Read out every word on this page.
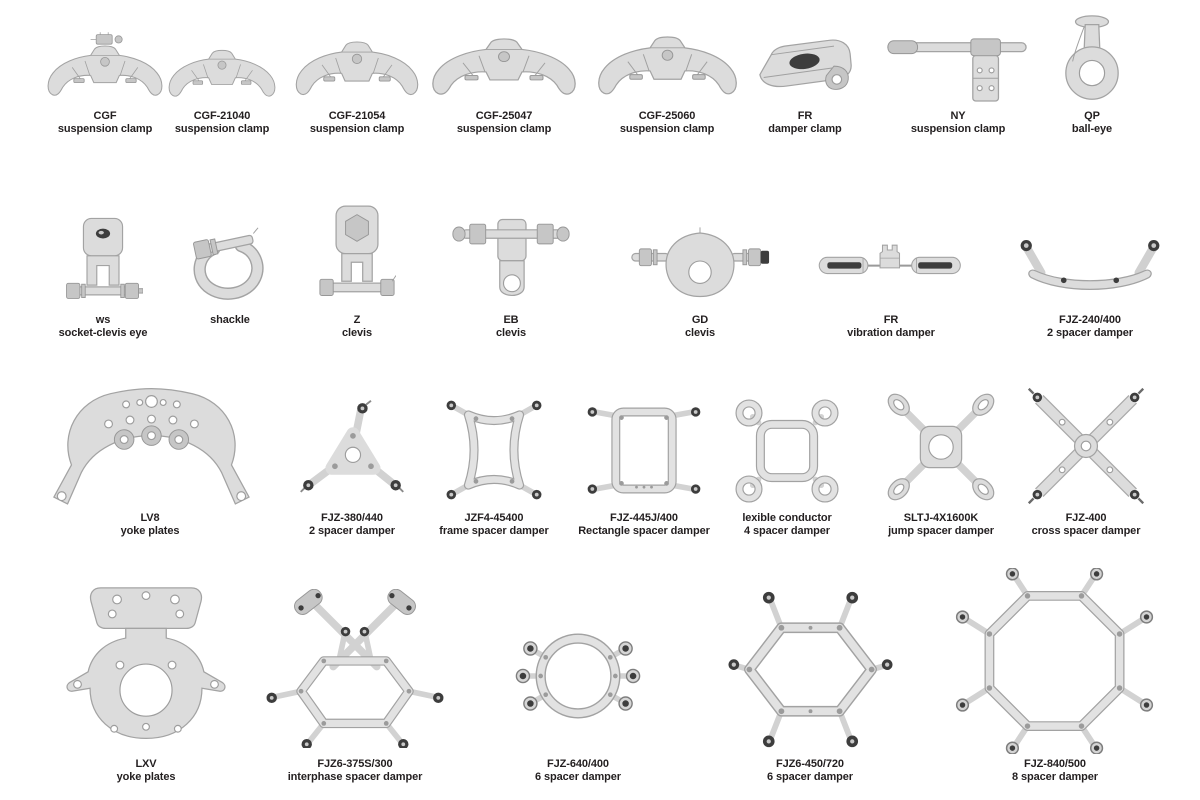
CGF
suspension clamp
CGF-21040
suspension clamp
CGF-21054
suspension clamp
CGF-25047
suspension clamp
CGF-25060
suspension clamp
FR
damper clamp
NY
suspension clamp
QP
ball-eye
ws
socket-clevis eye
shackle	Z
clevis
EB
clevis
GD
clevis
FR
vibration damper
FJZ-240/400
2 spacer damper
LV8
yoke plates
FJZ-380/440
2 spacer damper
JZF4-45400
frame spacer damper
FJZ-445J/400
Rectangle spacer damper
lexible conductor
4 spacer damper
SLTJ-4X1600K
jump spacer damper
FJZ-400
cross spacer damper
LXV
yoke plates
FJZ6-375S/300
interphase spacer damper
FJZ-640/400
6 spacer damper
FJZ6-450/720
6 spacer damper
FJZ-840/500
8 spacer damper
